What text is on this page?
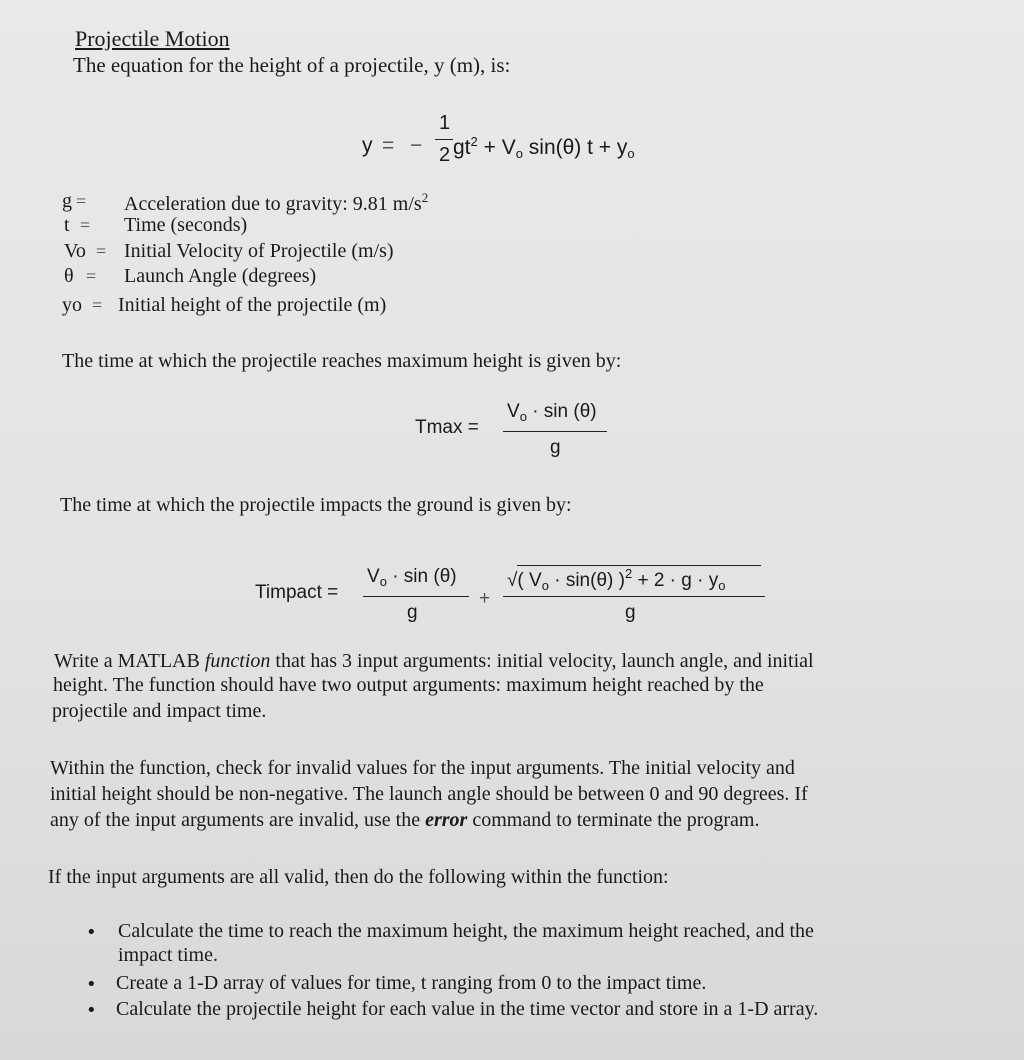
Projectile Motion
The equation for the height of a projectile, y (m), is:
y = −
1
2 $gt^2 + V_o$ sin(θ) $t + y_o$
g = Acceleration due to gravity: 9.81 $m/s^2$
t = Time (seconds)
Vo = Initial Velocity of Projectile (m/s)
θ = Launch Angle (degrees)
yo = Initial height of the projectile (m)
The time at which the projectile reaches maximum height is given by:
Tmax =
$V_o \cdot \sin (\theta)$
g
The time at which the projectile impacts the ground is given by:
Timpact =
$V_o \cdot \sin (\theta)$
g
+
√( $V_o \cdot \sin(\theta) )^2 + 2 \cdot g \cdot y_o$
g
Write a MATLAB function that has 3 input arguments: initial velocity, launch angle, and initial
height. The function should have two output arguments: maximum height reached by the
projectile and impact time.
Within the function, check for invalid values for the input arguments. The initial velocity and
initial height should be non-negative. The launch angle should be between 0 and 90 degrees. If
any of the input arguments are invalid, use the error command to terminate the program.
If the input arguments are all valid, then do the following within the function:
• Calculate the time to reach the maximum height, the maximum height reached, and the
impact time.
• Create a 1-D array of values for time, t ranging from 0 to the impact time.
• Calculate the projectile height for each value in the time vector and store in a 1-D array.
